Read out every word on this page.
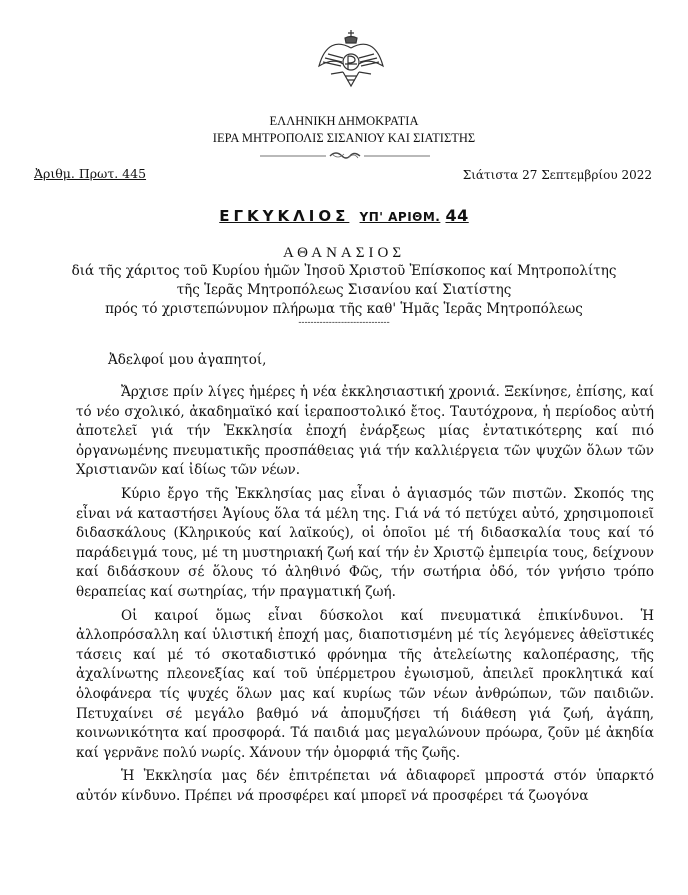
ΕΛΛΗΝΙΚΗ ΔΗΜΟΚΡΑΤΙΑ
ΙΕΡΑ ΜΗΤΡΟΠΟΛΙΣ ΣΙΣΑΝΙΟΥ ΚΑΙ ΣΙΑΤΙΣΤΗΣ
Ἀριθμ. Πρωτ. 445	Σιάτιστα 27 Σεπτεμβρίου 2022
ΕΓΚΥΚΛΙΟΣ ΥΠ' ΑΡΙΘΜ. 44
ΑΘΑΝΑΣΙΟΣ
διά τῆς χάριτος τοῦ Κυρίου ἡμῶν Ἰησοῦ Χριστοῦ Ἐπίσκοπος καί Μητροπολίτης
τῆς Ἱερᾶς Μητροπόλεως Σισανίου καί Σιατίστης
πρός τό χριστεπώνυμον πλήρωμα τῆς καθ' Ἡμᾶς Ἱερᾶς Μητροπόλεως
------------------------------
Ἀδελφοί μου ἀγαπητοί,

Ἄρχισε πρίν λίγες ἡμέρες ἡ νέα ἐκκλησιαστική χρονιά. Ξεκίνησε, ἐπίσης, καί τό νέο σχολικό, ἀκαδημαϊκό καί ἱεραποστολικό ἔτος. Ταυτόχρονα, ἡ περίοδος αὐτή ἀποτελεῖ γιά τήν Ἐκκλησία ἐποχή ἐνάρξεως μίας ἐντατικότερης καί πιό ὀργανωμένης πνευματικῆς προσπάθειας γιά τήν καλλιέργεια τῶν ψυχῶν ὅλων τῶν Χριστιανῶν καί ἰδίως τῶν νέων.

Κύριο ἔργο τῆς Ἐκκλησίας μας εἶναι ὁ ἁγιασμός τῶν πιστῶν. Σκοπός της εἶναι νά καταστήσει Ἁγίους ὅλα τά μέλη της. Γιά νά τό πετύχει αὐτό, χρησιμοποιεῖ διδασκάλους (Κληρικούς καί λαϊκούς), οἱ ὁποῖοι μέ τή διδασκαλία τους καί τό παράδειγμά τους, μέ τη μυστηριακή ζωή καί τήν ἐν Χριστῷ ἐμπειρία τους, δείχνουν καί διδάσκουν σέ ὅλους τό ἀληθινό Φῶς, τήν σωτήρια ὁδό, τόν γνήσιο τρόπο θεραπείας καί σωτηρίας, τήν πραγματική ζωή.

Οἱ καιροί ὅμως εἶναι δύσκολοι καί πνευματικά ἐπικίνδυνοι. Ἡ ἀλλοπρόσαλλη καί ὑλιστική ἐποχή μας, διαποτισμένη μέ τίς λεγόμενες ἀθεϊστικές τάσεις καί μέ τό σκοταδιστικό φρόνημα τῆς ἀτελείωτης καλοπέρασης, τῆς ἀχαλίνωτης πλεονεξίας καί τοῦ ὑπέρμετρου ἐγωισμοῦ, ἀπειλεῖ προκλητικά καί ὁλοφάνερα τίς ψυχές ὅλων μας καί κυρίως τῶν νέων ἀνθρώπων, τῶν παιδιῶν. Πετυχαίνει σέ μεγάλο βαθμό νά ἀπομυζήσει τή διάθεση γιά ζωή, ἀγάπη, κοινωνικότητα καί προσφορά. Τά παιδιά μας μεγαλώνουν πρόωρα, ζοῦν μέ ἀκηδία καί γερνᾶνε πολύ νωρίς. Χάνουν τήν ὀμορφιά τῆς ζωῆς.

Ἡ Ἐκκλησία μας δέν ἐπιτρέπεται νά ἀδιαφορεῖ μπροστά στόν ὑπαρκτό αὐτόν κίνδυνο. Πρέπει νά προσφέρει καί μπορεῖ νά προσφέρει τά ζωογόνα
